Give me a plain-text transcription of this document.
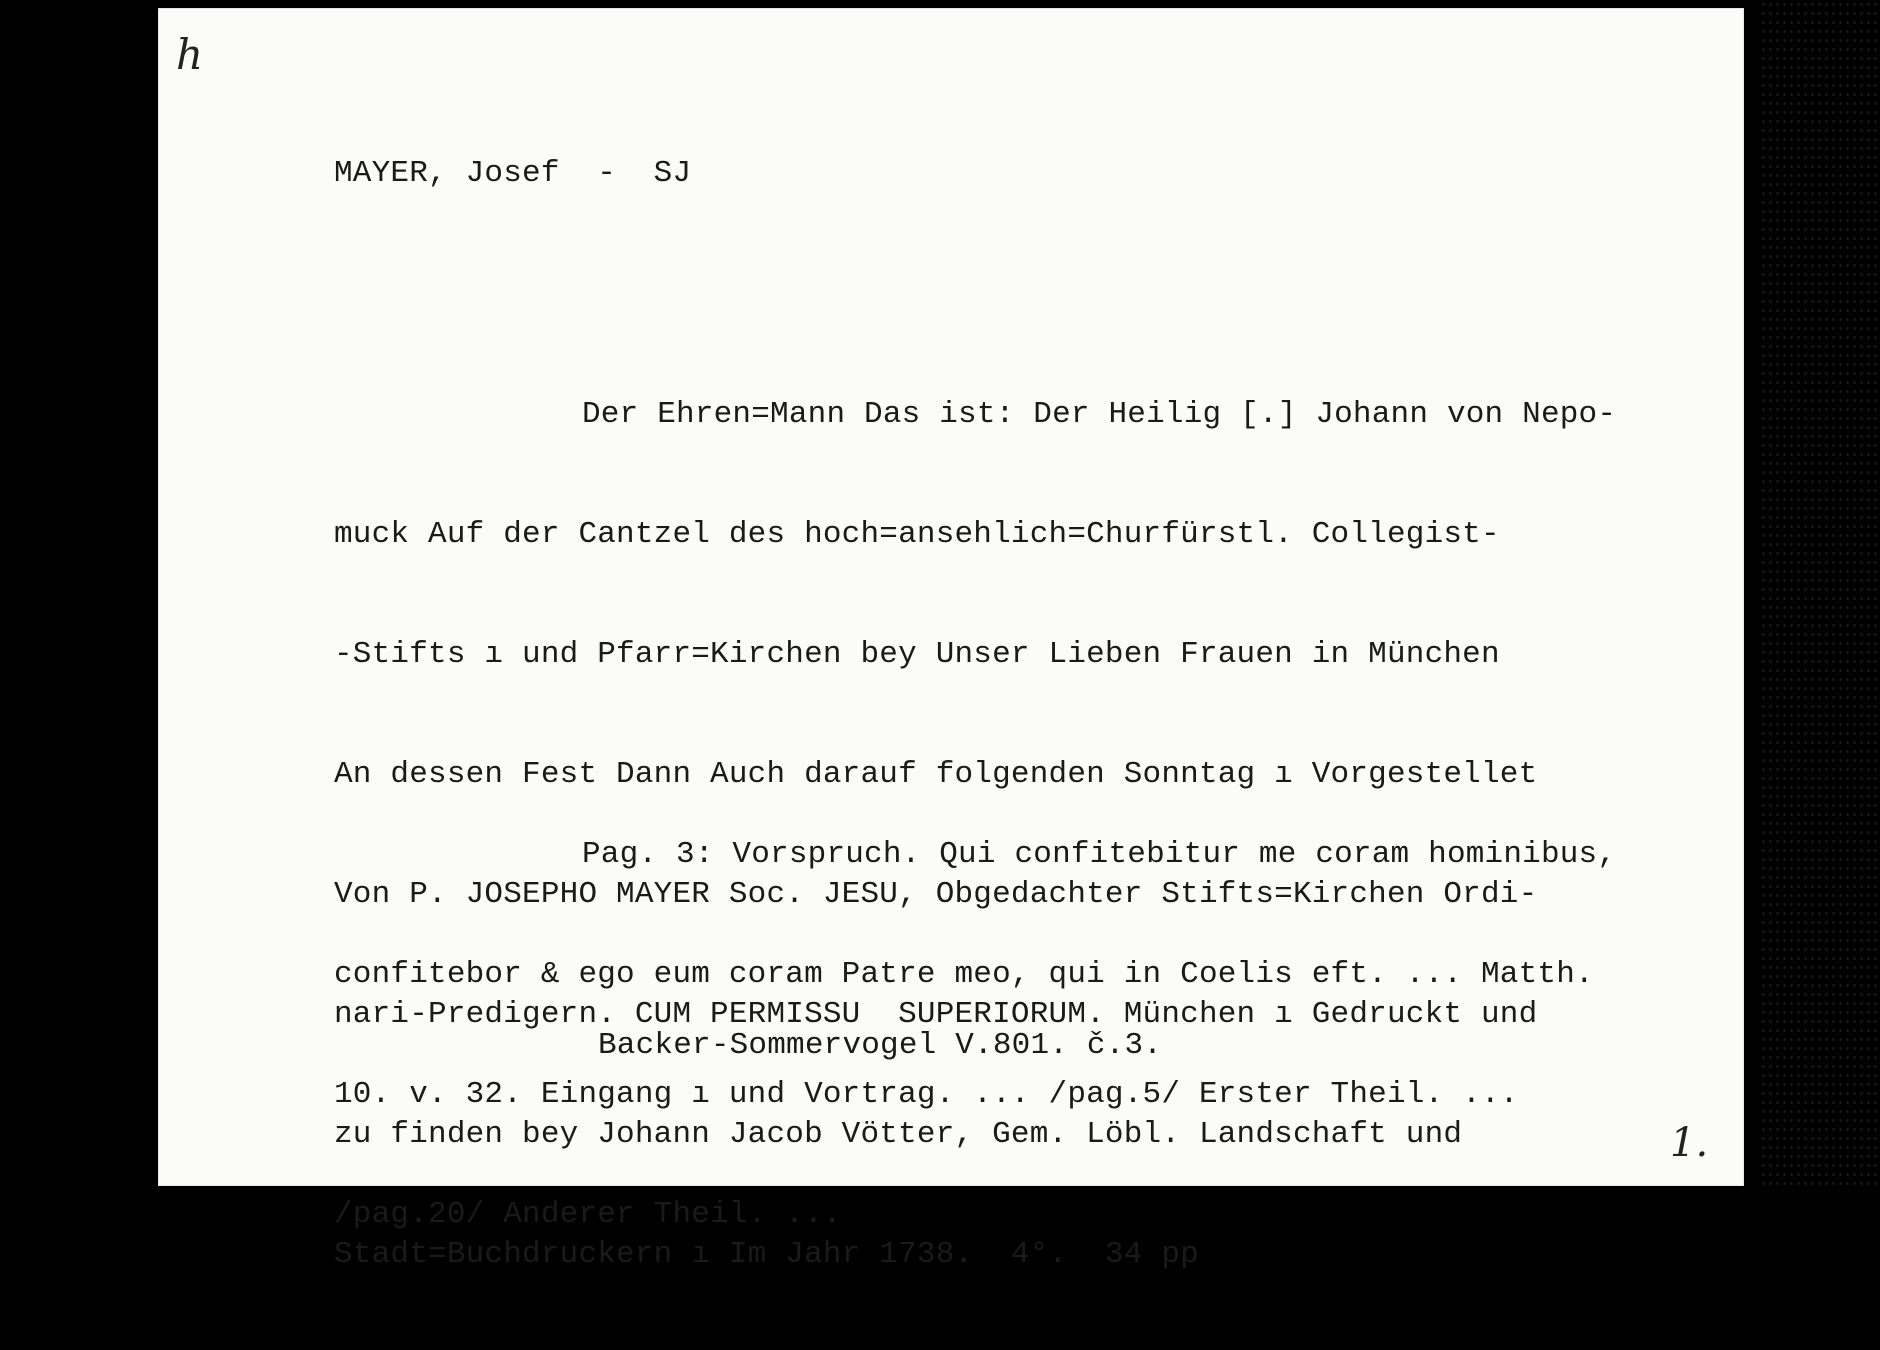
h
MAYER, Josef  -  SJ

Der Ehren=Mann Das ist: Der Heilig [.] Johann von Nepo-

muck Auf der Cantzel des hoch=ansehlich=Churfürstl. Collegist-

-Stifts ı und Pfarr=Kirchen bey Unser Lieben Frauen in München

An dessen Fest Dann Auch darauf folgenden Sonntag ı Vorgestellet

Von P. JOSEPHO MAYER Soc. JESU, Obgedachter Stifts=Kirchen Ordi-

nari-Predigern. CUM PERMISSU  SUPERIORUM. München ı Gedruckt und

zu finden bey Johann Jacob Vötter, Gem. Löbl. Landschaft und

Stadt=Buchdruckern ı Im Jahr 1738.  4°.  34 pp

Pag. 3: Vorspruch. Qui confitebitur me coram hominibus,

confitebor & ego eum coram Patre meo, qui in Coelis eft. ... Matth.

10. v. 32. Eingang ı und Vortrag. ... /pag.5/ Erster Theil. ...

/pag.20/ Anderer Theil. ...

Backer-Sommervogel V.801. č.3.
1.
